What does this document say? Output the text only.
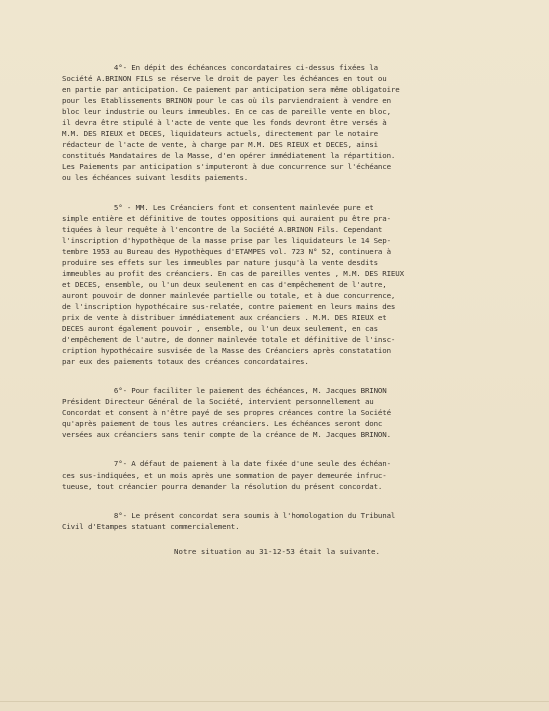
4°- En dépit des échéances concordataires ci-dessus fixées la
Société A.BRINON FILS se réserve le droit de payer les échéances en tout ou
en partie par anticipation. Ce paiement par anticipation sera même obligatoire
pour les Etablissements BRINON pour le cas où ils parviendraient à vendre en
bloc leur industrie ou leurs immeubles. En ce cas de pareille vente en bloc,
il devra être stipulé à l'acte de vente que les fonds devront être versés à
M.M. DES RIEUX et DECES, liquidateurs actuels, directement par le notaire
rédacteur de l'acte de vente, à charge par M.M. DES RIEUX et DECES, ainsi
constitués Mandataires de la Masse, d'en opérer immédiatement la répartition.
Les Paiements par anticipation s'imputeront à due concurrence sur l'échéance
ou les échéances suivant lesdits paiements.
5° - MM. Les Créanciers font et consentent mainlevée pure et
simple entière et définitive de toutes oppositions qui auraient pu être pra-
tiquées à leur requête à l'encontre de la Société A.BRINON Fils. Cependant
l'inscription d'hypothèque de la masse prise par les liquidateurs le 14 Sep-
tembre 1953 au Bureau des Hypothèques d'ETAMPES vol. 723 N° 52, continuera à
produire ses effets sur les immeubles par nature jusqu'à la vente desdits
immeubles au profit des créanciers. En cas de pareilles ventes , M.M. DES RIEUX
et DECES, ensemble, ou l'un deux seulement en cas d'empêchement de l'autre,
auront pouvoir de donner mainlevée partielle ou totale, et à due concurrence,
de l'inscription hypothécaire sus-relatée, contre paiement en leurs mains des
prix de vente à distribuer immédiatement aux créanciers . M.M. DES RIEUX et
DECES auront également pouvoir , ensemble, ou l'un deux seulement, en cas
d'empêchement de l'autre, de donner mainlevée totale et définitive de l'insc-
cription hypothécaire susvisée de la Masse des Créanciers après constatation
par eux des paiements totaux des créances concordataires.
6°- Pour faciliter le paiement des échéances, M. Jacques BRINON
Président Directeur Général de la Société, intervient personnellement au
Concordat et consent à n'être payé de ses propres créances contre la Société
qu'après paiement de tous les autres créanciers. Les échéances seront donc
versées aux créanciers sans tenir compte de la créance de M. Jacques BRINON.
7°- A défaut de paiement à la date fixée d'une seule des échéan-
ces sus-indiquées, et un mois après une sommation de payer demeurée infruc-
tueuse, tout créancier pourra demander la résolution du présent concordat.
8°- Le présent concordat sera soumis à l'homologation du Tribunal
Civil d'Etampes statuant commercialement.
Notre situation au 31-12-53 était la suivante.
